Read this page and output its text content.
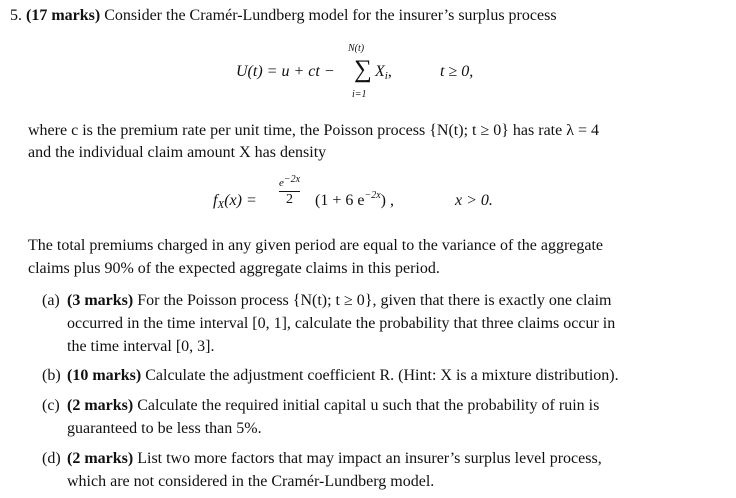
5. (17 marks) Consider the Cramér-Lundberg model for the insurer’s surplus process
U(t) = u + ct −
N(t)
∑
i=1
$X_i$,	t ≥ 0,
where c is the premium rate per unit time, the Poisson process {N(t); t ≥ 0} has rate λ = 4
and the individual claim amount X has density
$f_X(x) = \frac{e^{-2x}}{2} (1 + 6$ $e^{-2x}$) ,	x > 0.
The total premiums charged in any given period are equal to the variance of the aggregate
claims plus 90% of the expected aggregate claims in this period.
(a) (3 marks) For the Poisson process {N(t); t ≥ 0}, given that there is exactly one claim
occurred in the time interval [0, 1], calculate the probability that three claims occur in
the time interval [0, 3].
(b) (10 marks) Calculate the adjustment coefficient R. (Hint: X is a mixture distribution).
(c) (2 marks) Calculate the required initial capital u such that the probability of ruin is
guaranteed to be less than 5%.
(d) (2 marks) List two more factors that may impact an insurer’s surplus level process,
which are not considered in the Cramér-Lundberg model.
